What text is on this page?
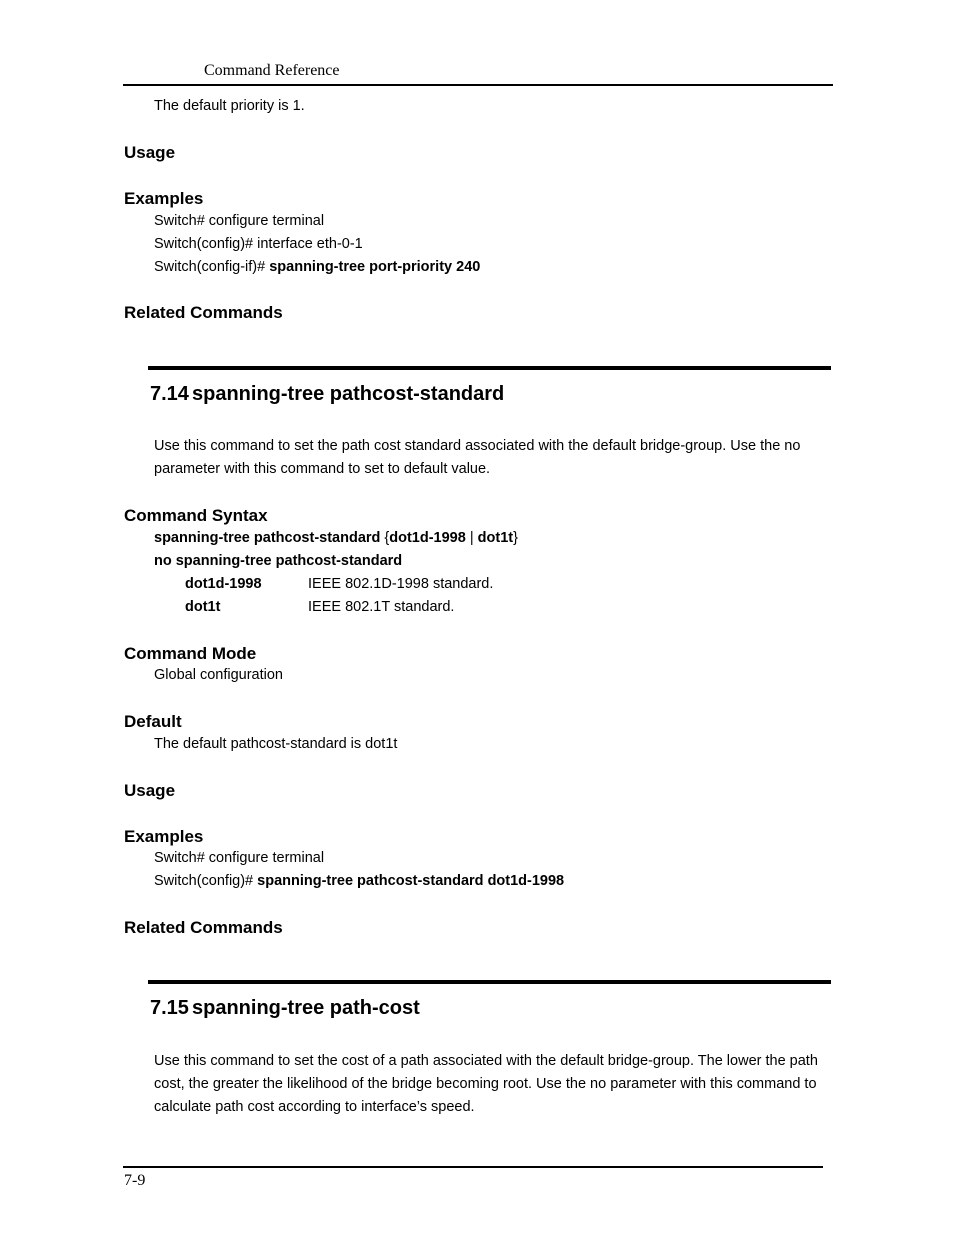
Command Reference
The default priority is 1.
Usage
Examples
Switch# configure terminal
Switch(config)# interface eth-0-1
Switch(config-if)# spanning-tree port-priority 240
Related Commands
7.14 spanning-tree pathcost-standard
Use this command to set the path cost standard associated with the default bridge-group. Use the no
parameter with this command to set to default value.
Command Syntax
spanning-tree pathcost-standard {dot1d-1998 | dot1t}
no spanning-tree pathcost-standard
dot1d-1998	IEEE 802.1D-1998 standard.
dot1t	IEEE 802.1T standard.
Command Mode
Global configuration
Default
The default pathcost-standard is dot1t
Usage
Examples
Switch# configure terminal
Switch(config)# spanning-tree pathcost-standard dot1d-1998
Related Commands
7.15 spanning-tree path-cost
Use this command to set the cost of a path associated with the default bridge-group. The lower the path
cost, the greater the likelihood of the bridge becoming root. Use the no parameter with this command to
calculate path cost according to interface’s speed.
7-9
